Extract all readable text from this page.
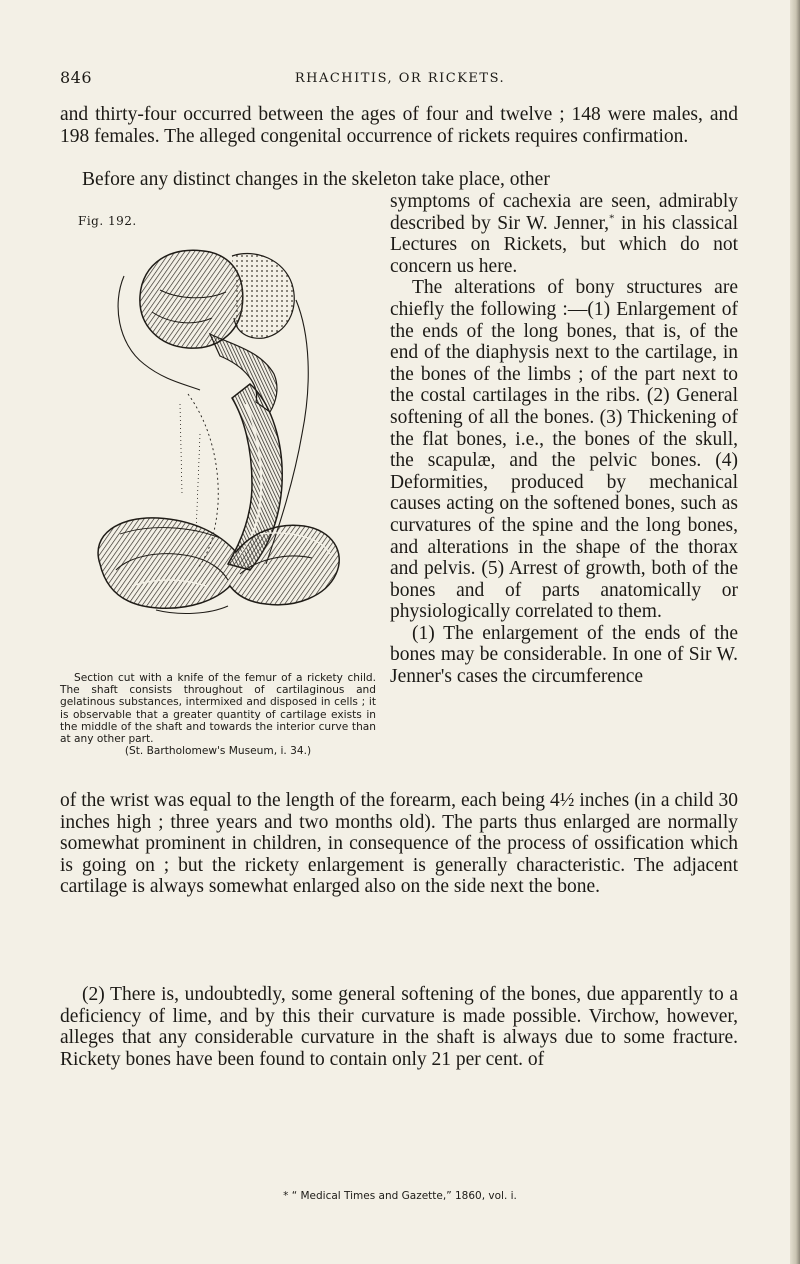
846	RHACHITIS, OR RICKETS.

and thirty-four occurred between the ages of four and twelve ; 148 were males, and 198 females. The alleged congenital occurrence of rickets requires confirmation.

Before any distinct changes in the skeleton take place, other

symptoms of cachexia are seen, admirably described by Sir W. Jenner,* in his classical Lectures on Rickets, but which do not concern us here.

The alterations of bony structures are chiefly the following :—(1) Enlargement of the ends of the long bones, that is, of the end of the diaphysis next to the cartilage, in the bones of the limbs ; of the part next to the costal cartilages in the ribs. (2) General softening of all the bones. (3) Thickening of the flat bones, i.e., the bones of the skull, the scapulæ, and the pelvic bones. (4) Deformities, produced by mechanical causes acting on the softened bones, such as curvatures of the spine and the long bones, and alterations in the shape of the thorax and pelvis. (5) Arrest of growth, both of the bones and of parts anatomically or physiologically correlated to them.

(1) The enlargement of the ends of the bones may be considerable. In one of Sir W. Jenner's cases the circumference

Fig. 192.
Section cut with a knife of the femur of a rickety child. The shaft consists throughout of cartilaginous and gelatinous substances, intermixed and disposed in cells ; it is observable that a greater quantity of cartilage exists in the middle of the shaft and towards the interior curve than at any other part.
(St. Bartholomew's Museum, i. 34.)

of the wrist was equal to the length of the forearm, each being 4½ inches (in a child 30 inches high ; three years and two months old). The parts thus enlarged are normally somewhat prominent in children, in consequence of the process of ossification which is going on ; but the rickety enlargement is generally characteristic. The adjacent cartilage is always somewhat enlarged also on the side next the bone.

(2) There is, undoubtedly, some general softening of the bones, due apparently to a deficiency of lime, and by this their curvature is made possible. Virchow, however, alleges that any considerable curvature in the shaft is always due to some fracture. Rickety bones have been found to contain only 21 per cent. of

* “ Medical Times and Gazette,” 1860, vol. i.
